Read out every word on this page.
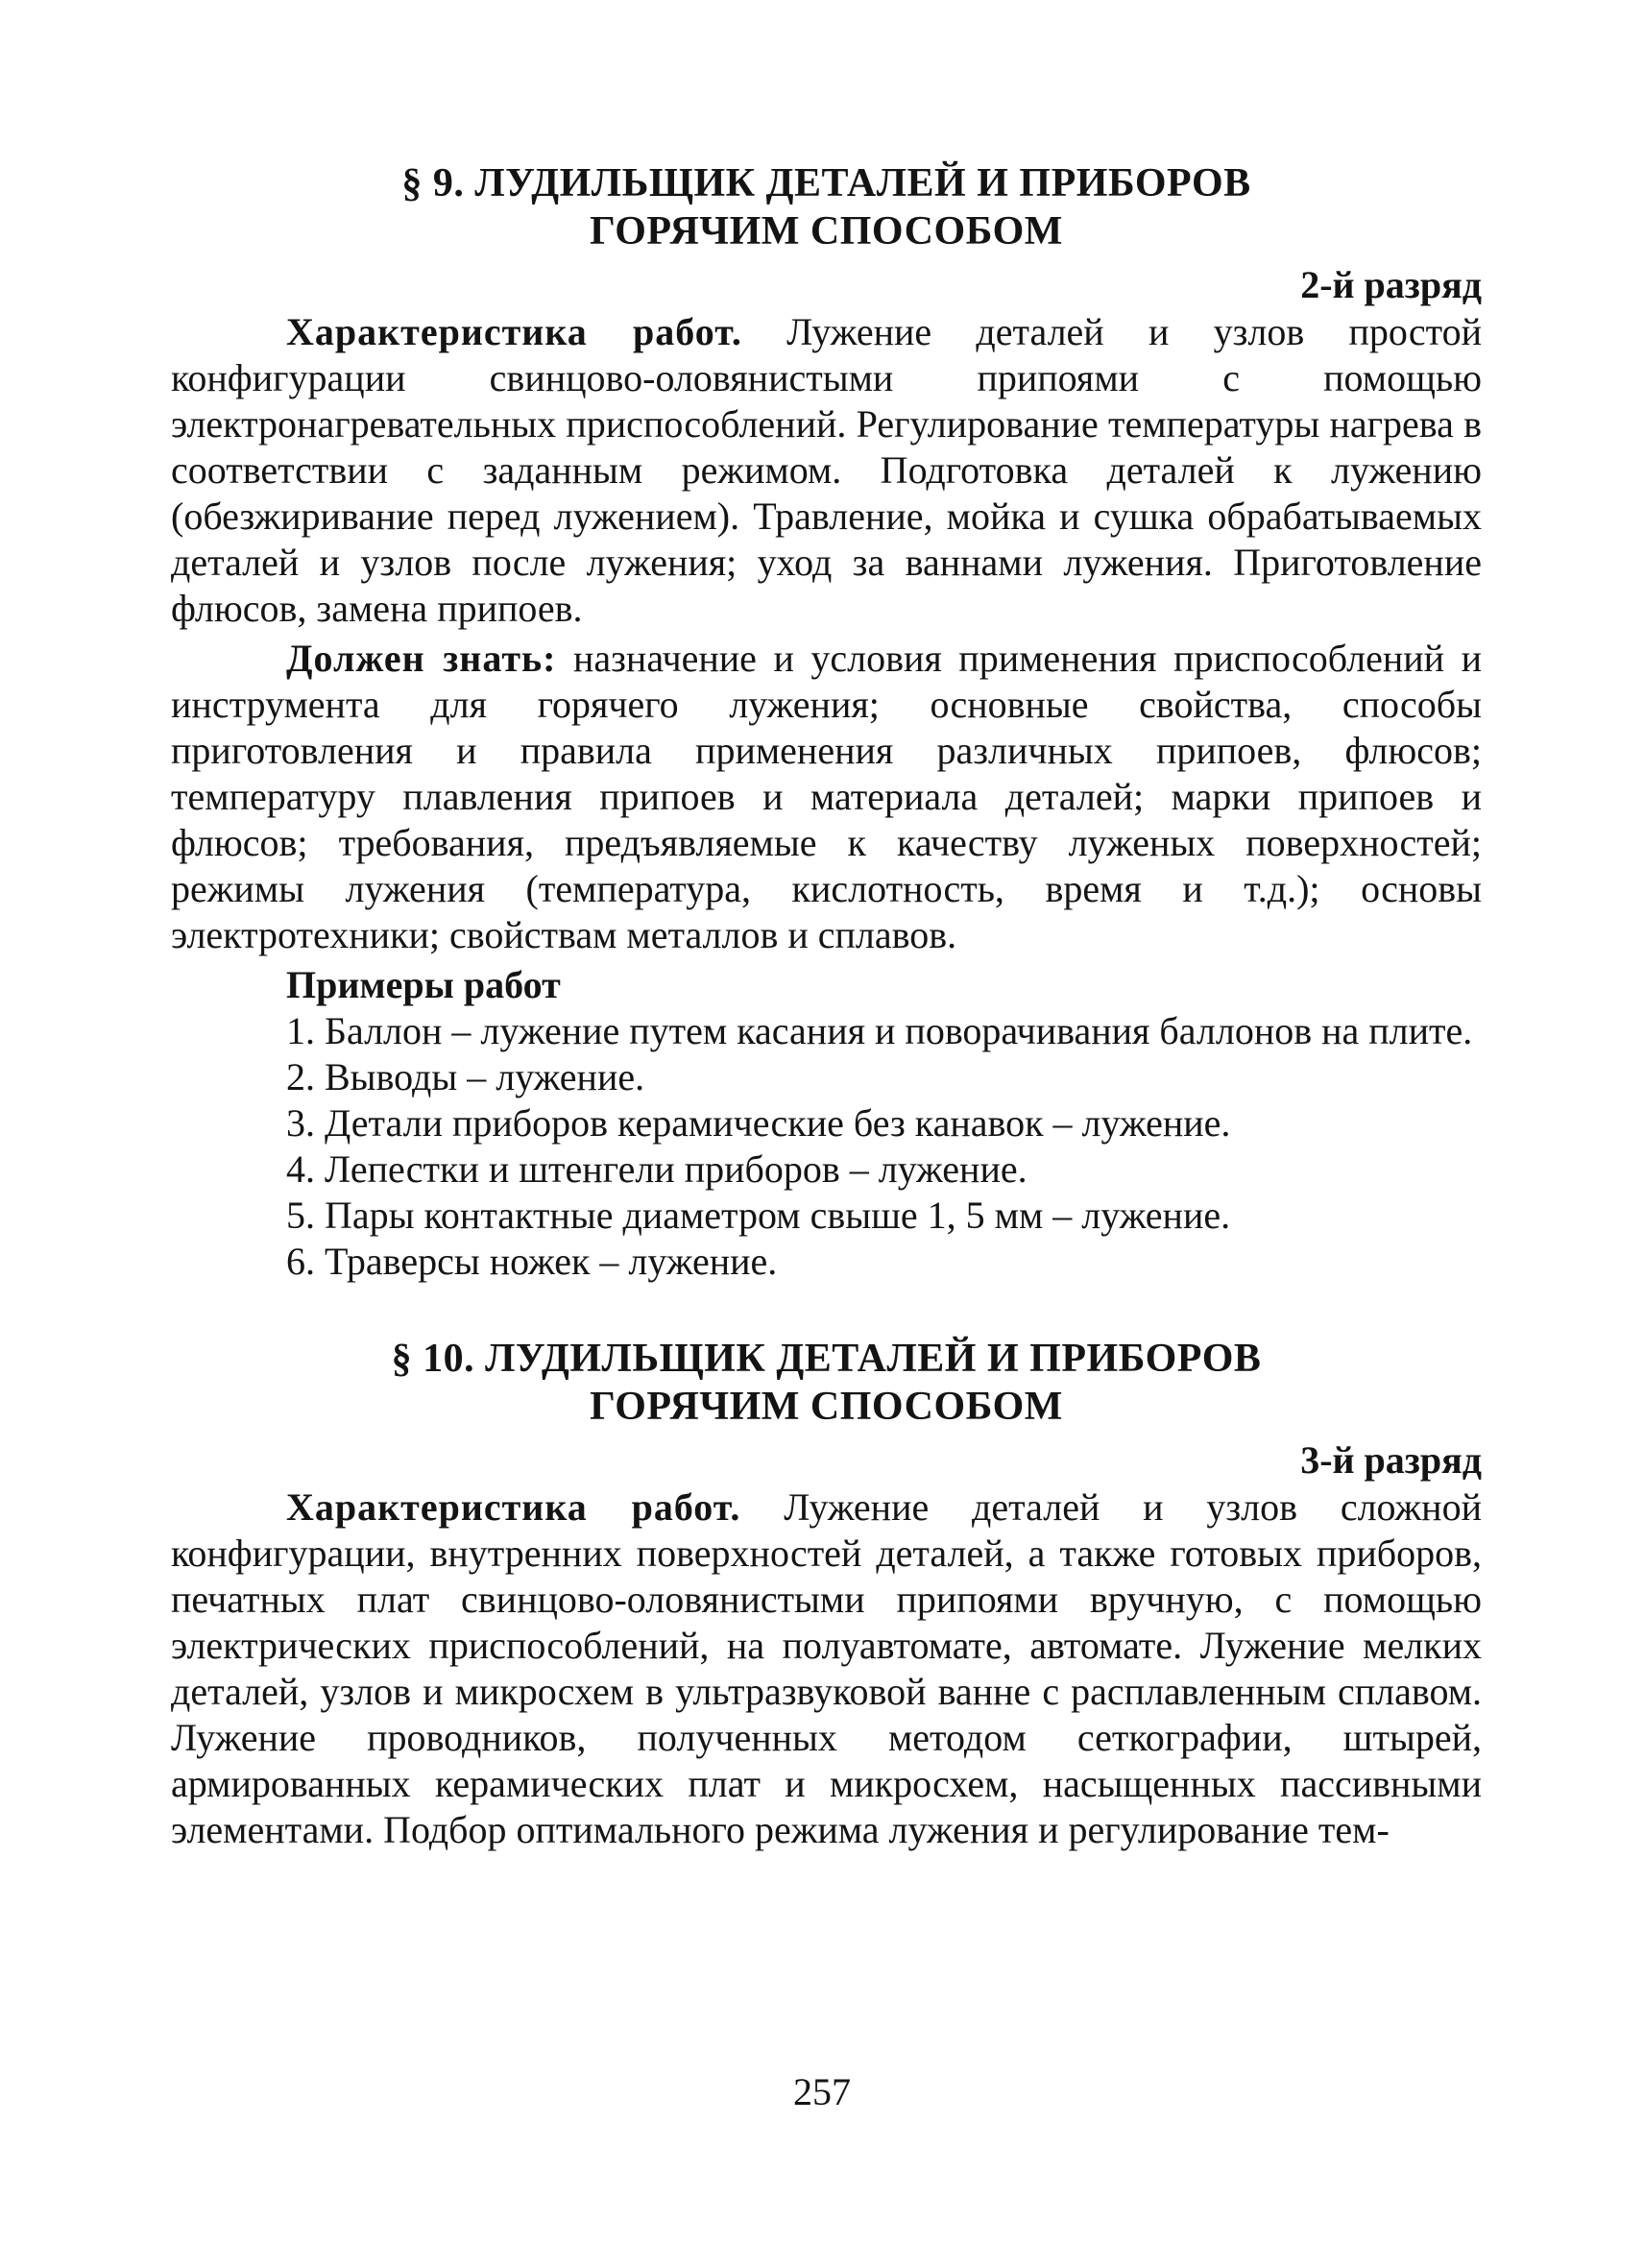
§ 9. ЛУДИЛЬЩИК ДЕТАЛЕЙ И ПРИБОРОВ
ГОРЯЧИМ СПОСОБОМ
2-й разряд

Характеристика работ. Лужение деталей и узлов простой конфигурации свинцово-оловянистыми припоями с помощью электронагревательных приспособлений. Регулирование температуры нагрева в соответствии с заданным режимом. Подготовка деталей к лужению (обезжиривание перед лужением). Травление, мойка и сушка обрабатываемых деталей и узлов после лужения; уход за ваннами лужения. Приготовление флюсов, замена припоев.

Должен знать: назначение и условия применения приспособлений и инструмента для горячего лужения; основные свойства, способы приготовления и правила применения различных припоев, флюсов; температуру плавления припоев и материала деталей; марки припоев и флюсов; требования, предъявляемые к качеству луженых поверхностей; режимы лужения (температура, кислотность, время и т.д.); основы электротехники; свойствам металлов и сплавов.

Примеры работ
1. Баллон – лужение путем касания и поворачивания баллонов на плите.
2. Выводы – лужение.
3. Детали приборов керамические без канавок – лужение.
4. Лепестки и штенгели приборов – лужение.
5. Пары контактные диаметром свыше 1, 5 мм – лужение.
6. Траверсы ножек – лужение.
§ 10. ЛУДИЛЬЩИК ДЕТАЛЕЙ И ПРИБОРОВ
ГОРЯЧИМ СПОСОБОМ
3-й разряд

Характеристика работ. Лужение деталей и узлов сложной конфигурации, внутренних поверхностей деталей, а также готовых приборов, печатных плат свинцово-оловянистыми припоями вручную, с помощью электрических приспособлений, на полуавтомате, автомате. Лужение мелких деталей, узлов и микросхем в ультразвуковой ванне с расплавленным сплавом. Лужение проводников, полученных методом сеткографии, штырей, армированных керамических плат и микросхем, насыщенных пассивными элементами. Подбор оптимального режима лужения и регулирование тем-

257
